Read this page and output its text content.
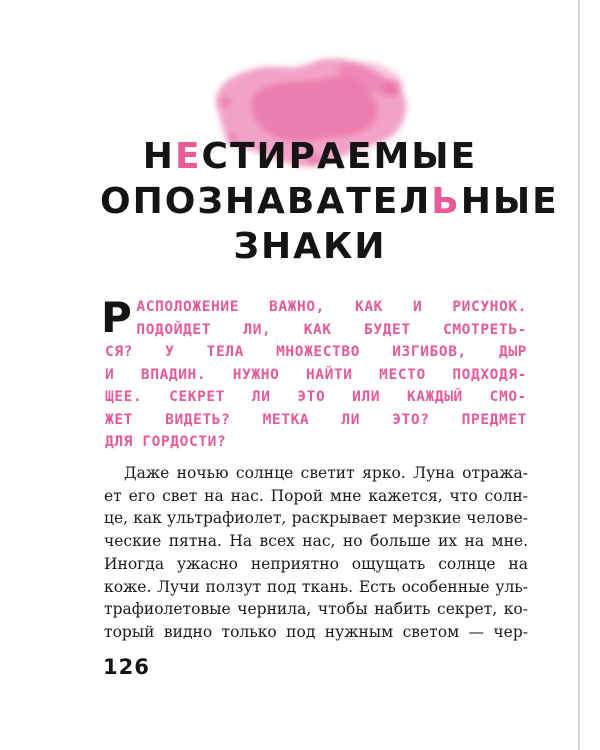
НЕСТИРАЕМЫЕ
ОПОЗНАВАТЕЛЬНЫЕ
ЗНАКИ
Р АСПОЛОЖЕНИЕ ВАЖНО, КАК И РИСУНОК.
ПОДОЙДЕТ ЛИ, КАК БУДЕТ СМОТРЕТЬ-
СЯ? У ТЕЛА МНОЖЕСТВО ИЗГИБОВ, ДЫР
И ВПАДИН. НУЖНО НАЙТИ МЕСТО ПОДХОДЯ-
ЩЕЕ. СЕКРЕТ ЛИ ЭТО ИЛИ КАЖДЫЙ СМО-
ЖЕТ ВИДЕТЬ? МЕТКА ЛИ ЭТО? ПРЕДМЕТ
ДЛЯ ГОРДОСТИ?
Даже ночью солнце светит ярко. Луна отража-
ет его свет на нас. Порой мне кажется, что солн-
це, как ультрафиолет, раскрывает мерзкие челове-
ческие пятна. На всех нас, но больше их на мне.
Иногда ужасно неприятно ощущать солнце на
коже. Лучи ползут под ткань. Есть особенные уль-
трафиолетовые чернила, чтобы набить секрет, ко-
торый видно только под нужным светом — чер-
126
